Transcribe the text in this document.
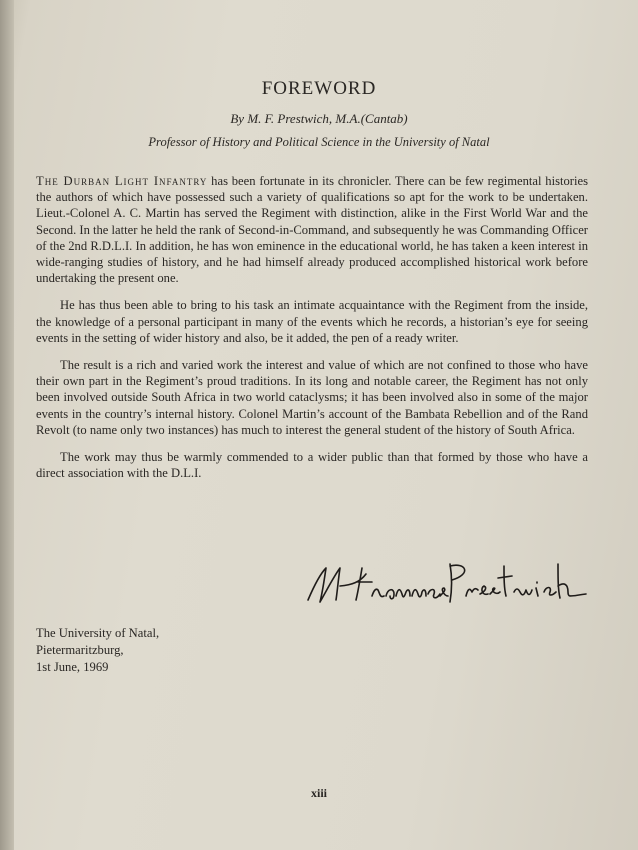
FOREWORD

By M. F. Prestwich, M.A.(Cantab)

Professor of History and Political Science in the University of Natal

The Durban Light Infantry has been fortunate in its chronicler. There can be few regimental histories the authors of which have possessed such a variety of qualifications so apt for the work to be undertaken. Lieut.-Colonel A. C. Martin has served the Regiment with distinction, alike in the First World War and the Second. In the latter he held the rank of Second-in-Command, and subsequently he was Commanding Officer of the 2nd R.D.L.I. In addition, he has won eminence in the educational world, he has taken a keen interest in wide-ranging studies of history, and he had himself already produced accomplished historical work before undertaking the present one.

He has thus been able to bring to his task an intimate acquaintance with the Regiment from the inside, the knowledge of a personal participant in many of the events which he records, a historian’s eye for seeing events in the setting of wider history and also, be it added, the pen of a ready writer.

The result is a rich and varied work the interest and value of which are not confined to those who have their own part in the Regiment’s proud traditions. In its long and notable career, the Regiment has not only been involved outside South Africa in two world cataclysms; it has been involved also in some of the major events in the country’s internal history. Colonel Martin’s account of the Bambata Rebellion and of the Rand Revolt (to name only two instances) has much to interest the general student of the history of South Africa.

The work may thus be warmly commended to a wider public than that formed by those who have a direct association with the D.L.I.

The University of Natal,
Pietermaritzburg,
1st June, 1969
xiii
